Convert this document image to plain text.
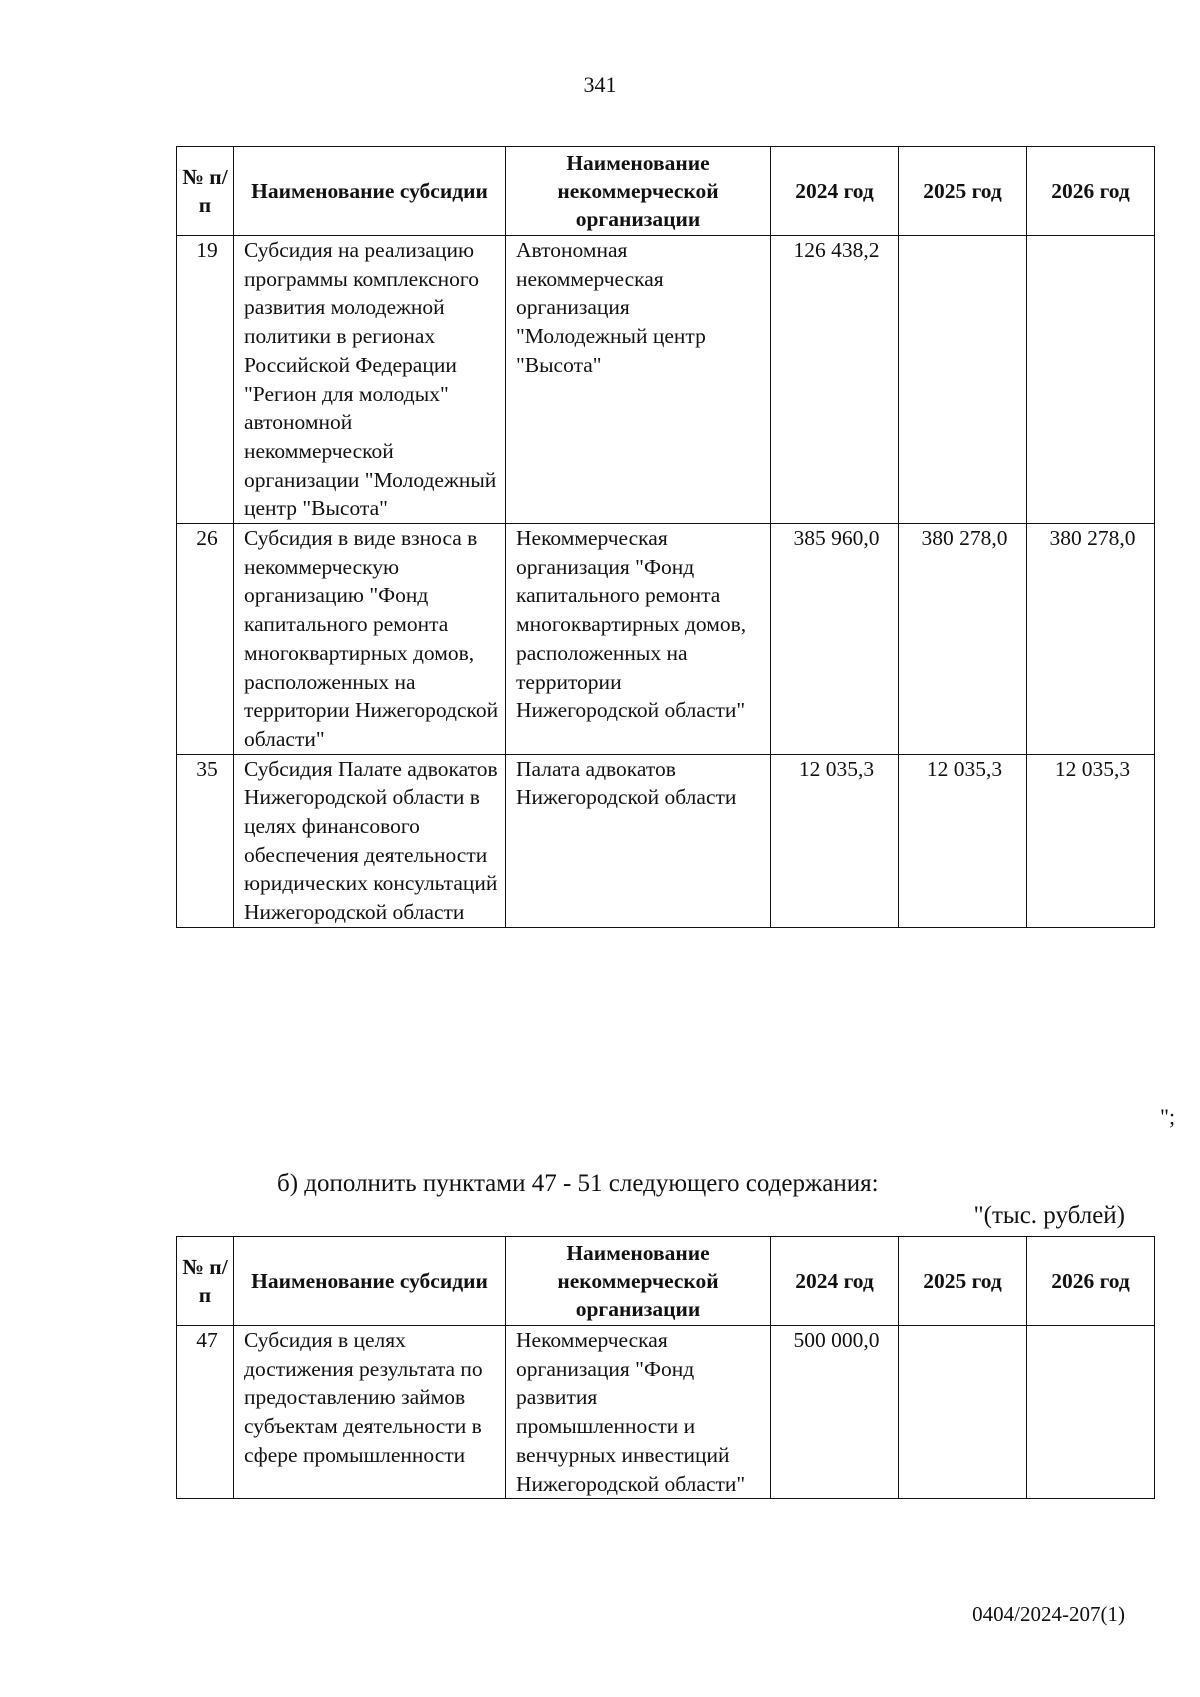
341
№ п/п	Наименование субсидии	Наименование некоммерческой организации	2024 год	2025 год	2026 год
19	Субсидия на реализацию программы комплексного развития молодежной политики в регионах Российской Федерации "Регион для молодых" автономной некоммерческой организации "Молодежный центр "Высота"	Автономная некоммерческая организация "Молодежный центр "Высота"	126 438,2		
26	Субсидия в виде взноса в некоммерческую организацию "Фонд капитального ремонта многоквартирных домов, расположенных на территории Нижегородской области"	Некоммерческая организация "Фонд капитального ремонта многоквартирных домов, расположенных на территории Нижегородской области"	385 960,0	380 278,0	380 278,0
35	Субсидия Палате адвокатов Нижегородской области в целях финансового обеспечения деятельности юридических консультаций Нижегородской области	Палата адвокатов Нижегородской области	12 035,3	12 035,3	12 035,3
";
б) дополнить пунктами 47 - 51 следующего содержания:
"(тыс. рублей)
№ п/п	Наименование субсидии	Наименование некоммерческой организации	2024 год	2025 год	2026 год
47	Субсидия в целях достижения результата по предоставлению займов субъектам деятельности в сфере промышленности	Некоммерческая организация "Фонд развития промышленности и венчурных инвестиций Нижегородской области"	500 000,0		
0404/2024-207(1)
